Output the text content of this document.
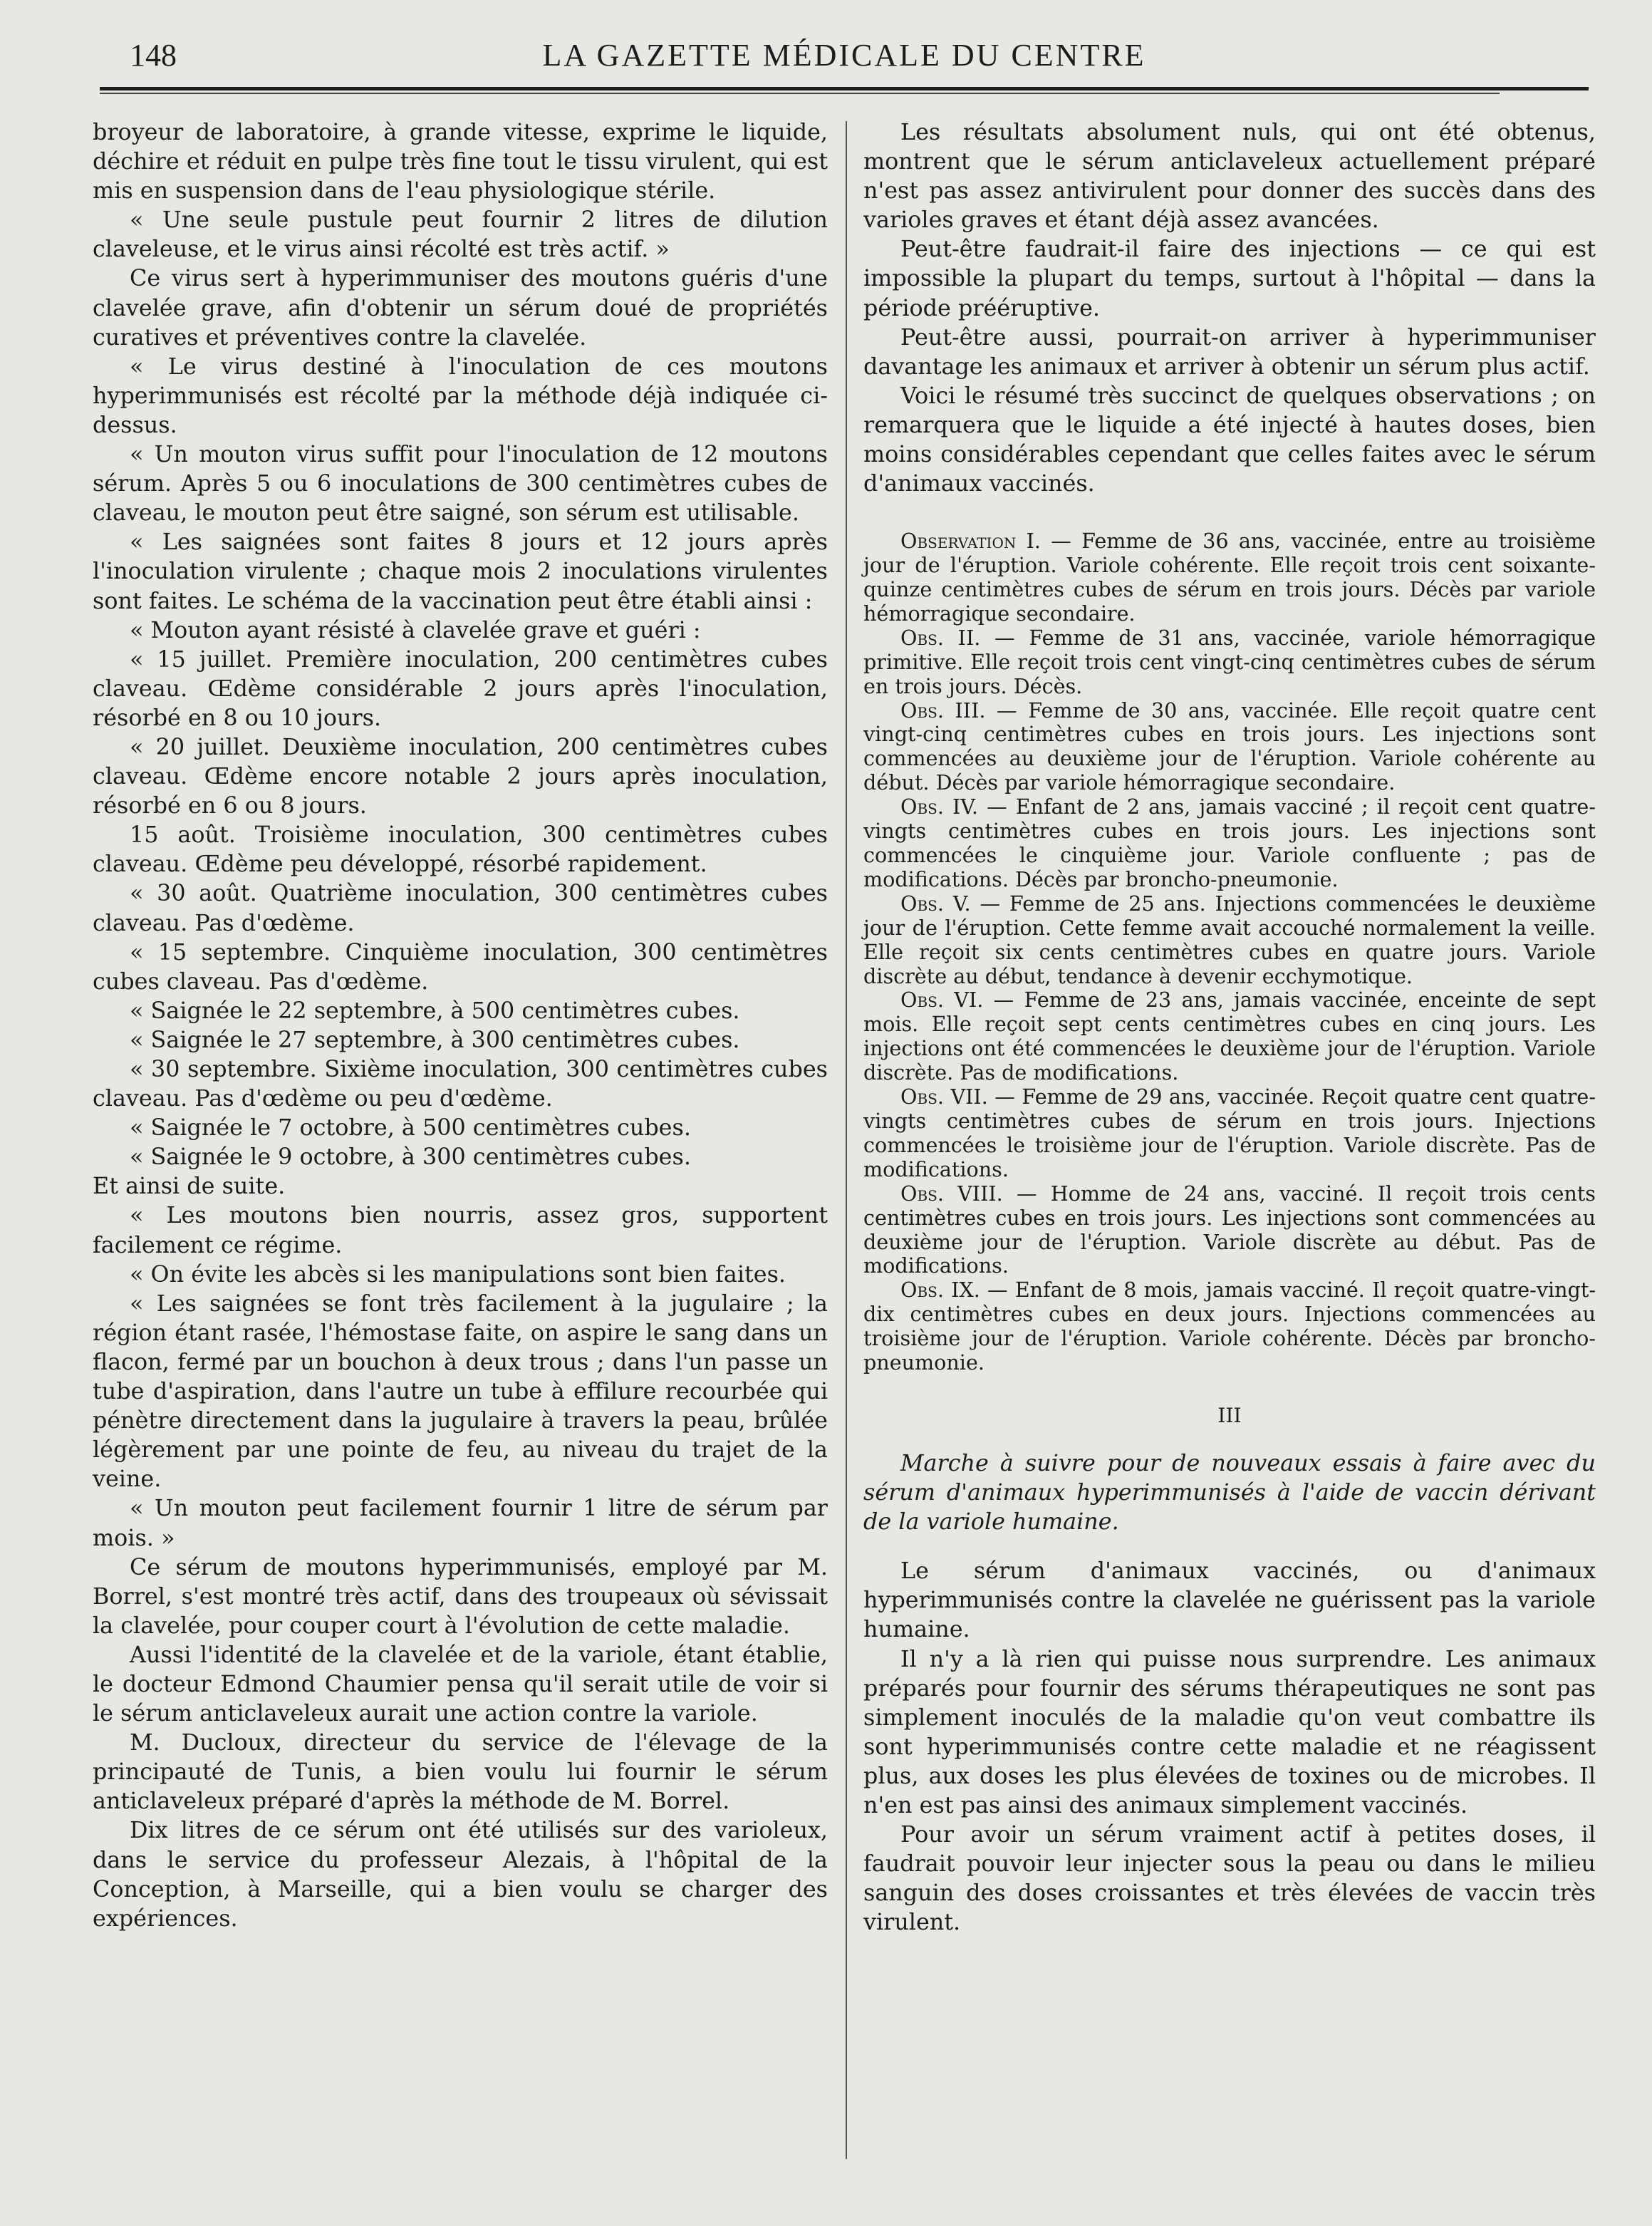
148	LA GAZETTE MÉDICALE DU CENTRE

broyeur de laboratoire, à grande vitesse, exprime le liquide, déchire et réduit en pulpe très fine tout le tissu virulent, qui est mis en suspension dans de l'eau physiologique stérile.

« Une seule pustule peut fournir 2 litres de dilution claveleuse, et le virus ainsi récolté est très actif. »

Ce virus sert à hyperimmuniser des moutons guéris d'une clavelée grave, afin d'obtenir un sérum doué de propriétés curatives et préventives contre la clavelée.

« Le virus destiné à l'inoculation de ces moutons hyperimmunisés est récolté par la méthode déjà indiquée ci-dessus.

« Un mouton virus suffit pour l'inoculation de 12 moutons sérum. Après 5 ou 6 inoculations de 300 centimètres cubes de claveau, le mouton peut être saigné, son sérum est utilisable.

« Les saignées sont faites 8 jours et 12 jours après l'inoculation virulente ; chaque mois 2 inoculations virulentes sont faites. Le schéma de la vaccination peut être établi ainsi :

« Mouton ayant résisté à clavelée grave et guéri :

« 15 juillet. Première inoculation, 200 centimètres cubes claveau. Œdème considérable 2 jours après l'inoculation, résorbé en 8 ou 10 jours.

« 20 juillet. Deuxième inoculation, 200 centimètres cubes claveau. Œdème encore notable 2 jours après inoculation, résorbé en 6 ou 8 jours.

15 août. Troisième inoculation, 300 centimètres cubes claveau. Œdème peu développé, résorbé rapidement.

« 30 août. Quatrième inoculation, 300 centimètres cubes claveau. Pas d'œdème.

« 15 septembre. Cinquième inoculation, 300 centimètres cubes claveau. Pas d'œdème.

« Saignée le 22 septembre, à 500 centimètres cubes.

« Saignée le 27 septembre, à 300 centimètres cubes.

« 30 septembre. Sixième inoculation, 300 centimètres cubes claveau. Pas d'œdème ou peu d'œdème.

« Saignée le 7 octobre, à 500 centimètres cubes.

« Saignée le 9 octobre, à 300 centimètres cubes.

Et ainsi de suite.

« Les moutons bien nourris, assez gros, supportent facilement ce régime.

« On évite les abcès si les manipulations sont bien faites.

« Les saignées se font très facilement à la jugulaire ; la région étant rasée, l'hémostase faite, on aspire le sang dans un flacon, fermé par un bouchon à deux trous ; dans l'un passe un tube d'aspiration, dans l'autre un tube à effilure recourbée qui pénètre directement dans la jugulaire à travers la peau, brûlée légèrement par une pointe de feu, au niveau du trajet de la veine.

« Un mouton peut facilement fournir 1 litre de sérum par mois. »

Ce sérum de moutons hyperimmunisés, employé par M. Borrel, s'est montré très actif, dans des troupeaux où sévissait la clavelée, pour couper court à l'évolution de cette maladie.

Aussi l'identité de la clavelée et de la variole, étant établie, le docteur Edmond Chaumier pensa qu'il serait utile de voir si le sérum anticlaveleux aurait une action contre la variole.

M. Ducloux, directeur du service de l'élevage de la principauté de Tunis, a bien voulu lui fournir le sérum anticlaveleux préparé d'après la méthode de M. Borrel.

Dix litres de ce sérum ont été utilisés sur des varioleux, dans le service du professeur Alezais, à l'hôpital de la Conception, à Marseille, qui a bien voulu se charger des expériences.

Les résultats absolument nuls, qui ont été obtenus, montrent que le sérum anticlaveleux actuellement préparé n'est pas assez antivirulent pour donner des succès dans des varioles graves et étant déjà assez avancées.

Peut-être faudrait-il faire des injections — ce qui est impossible la plupart du temps, surtout à l'hôpital — dans la période prééruptive.

Peut-être aussi, pourrait-on arriver à hyperimmuniser davantage les animaux et arriver à obtenir un sérum plus actif.

Voici le résumé très succinct de quelques observations ; on remarquera que le liquide a été injecté à hautes doses, bien moins considérables cependant que celles faites avec le sérum d'animaux vaccinés.

Observation I. — Femme de 36 ans, vaccinée, entre au troisième jour de l'éruption. Variole cohérente. Elle reçoit trois cent soixante-quinze centimètres cubes de sérum en trois jours. Décès par variole hémorragique secondaire.

Obs. II. — Femme de 31 ans, vaccinée, variole hémorragique primitive. Elle reçoit trois cent vingt-cinq centimètres cubes de sérum en trois jours. Décès.

Obs. III. — Femme de 30 ans, vaccinée. Elle reçoit quatre cent vingt-cinq centimètres cubes en trois jours. Les injections sont commencées au deuxième jour de l'éruption. Variole cohérente au début. Décès par variole hémorragique secondaire.

Obs. IV. — Enfant de 2 ans, jamais vacciné ; il reçoit cent quatre-vingts centimètres cubes en trois jours. Les injections sont commencées le cinquième jour. Variole confluente ; pas de modifications. Décès par broncho-pneumonie.

Obs. V. — Femme de 25 ans. Injections commencées le deuxième jour de l'éruption. Cette femme avait accouché normalement la veille. Elle reçoit six cents centimètres cubes en quatre jours. Variole discrète au début, tendance à devenir ecchymotique.

Obs. VI. — Femme de 23 ans, jamais vaccinée, enceinte de sept mois. Elle reçoit sept cents centimètres cubes en cinq jours. Les injections ont été commencées le deuxième jour de l'éruption. Variole discrète. Pas de modifications.

Obs. VII. — Femme de 29 ans, vaccinée. Reçoit quatre cent quatre-vingts centimètres cubes de sérum en trois jours. Injections commencées le troisième jour de l'éruption. Variole discrète. Pas de modifications.

Obs. VIII. — Homme de 24 ans, vacciné. Il reçoit trois cents centimètres cubes en trois jours. Les injections sont commencées au deuxième jour de l'éruption. Variole discrète au début. Pas de modifications.

Obs. IX. — Enfant de 8 mois, jamais vacciné. Il reçoit quatre-vingt-dix centimètres cubes en deux jours. Injections commencées au troisième jour de l'éruption. Variole cohérente. Décès par broncho-pneumonie.

III

Marche à suivre pour de nouveaux essais à faire avec du sérum d'animaux hyperimmunisés à l'aide de vaccin dérivant de la variole humaine.

Le sérum d'animaux vaccinés, ou d'animaux hyperimmunisés contre la clavelée ne guérissent pas la variole humaine.

Il n'y a là rien qui puisse nous surprendre. Les animaux préparés pour fournir des sérums thérapeutiques ne sont pas simplement inoculés de la maladie qu'on veut combattre ils sont hyperimmunisés contre cette maladie et ne réagissent plus, aux doses les plus élevées de toxines ou de microbes. Il n'en est pas ainsi des animaux simplement vaccinés.

Pour avoir un sérum vraiment actif à petites doses, il faudrait pouvoir leur injecter sous la peau ou dans le milieu sanguin des doses croissantes et très élevées de vaccin très virulent.
